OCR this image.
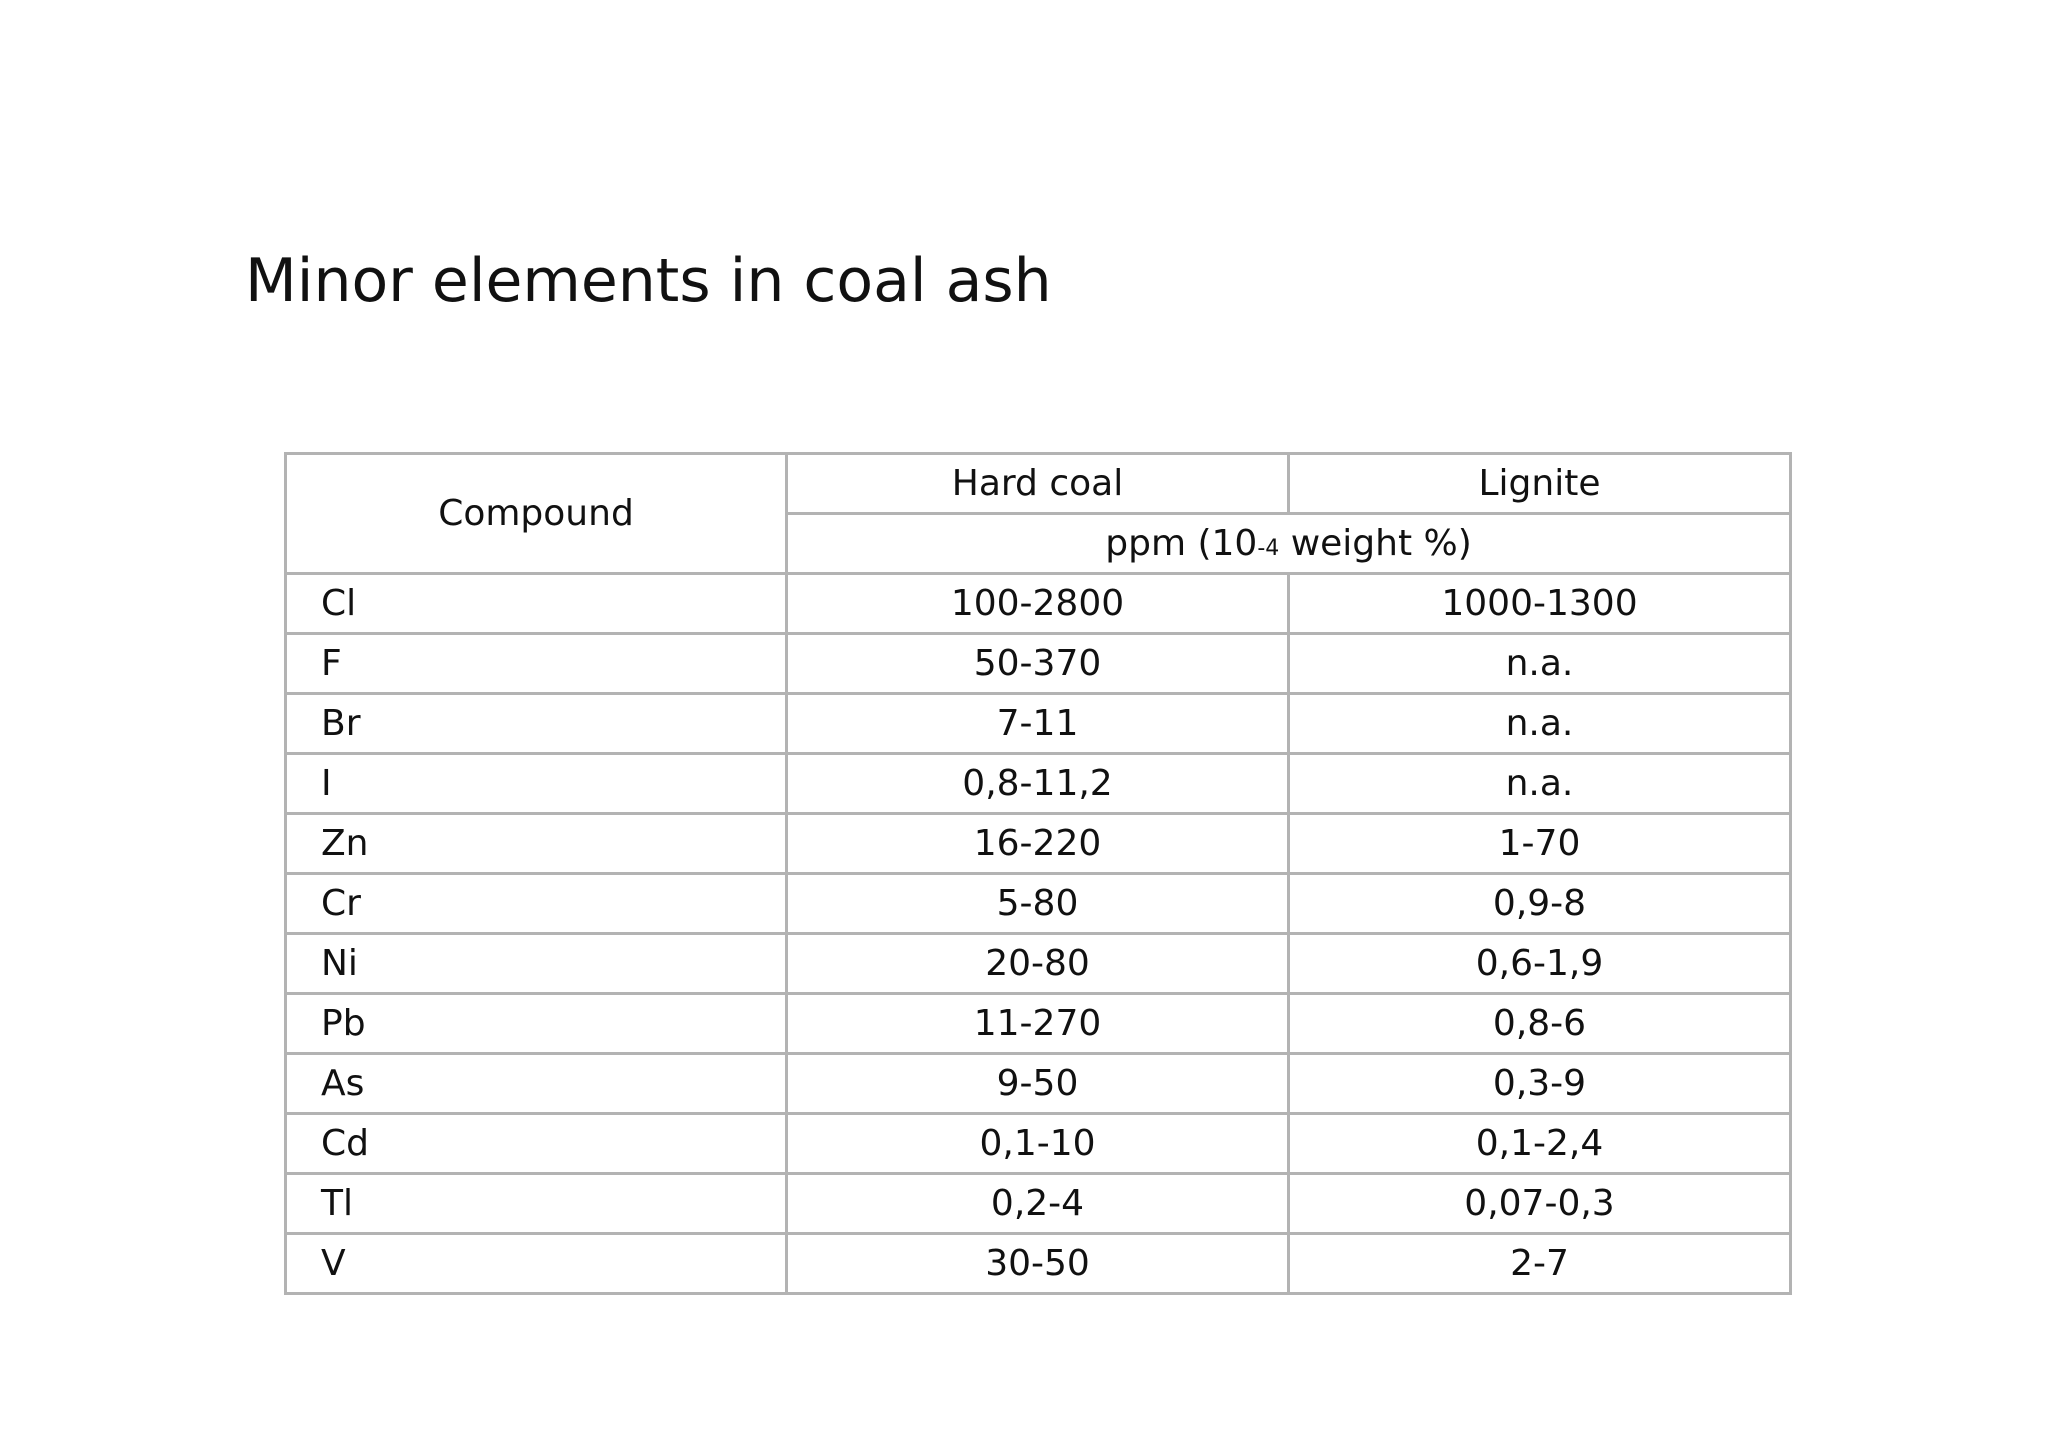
Minor elements in coal ash
Compound	Hard coal	Lignite
	ppm (10-4 weight %)	
Cl	100-2800	1000-1300
F	50-370	n.a.
Br	7-11	n.a.
I	0,8-11,2	n.a.
Zn	16-220	1-70
Cr	5-80	0,9-8
Ni	20-80	0,6-1,9
Pb	11-270	0,8-6
As	9-50	0,3-9
Cd	0,1-10	0,1-2,4
Tl	0,2-4	0,07-0,3
V	30-50	2-7
